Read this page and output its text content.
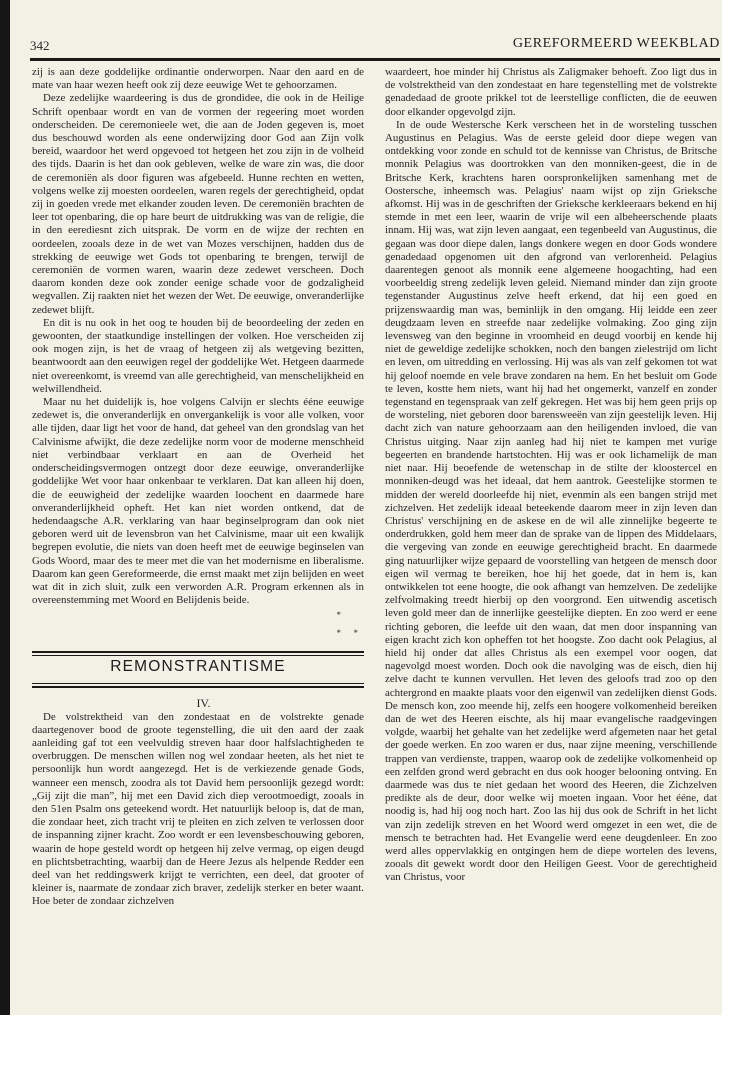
342	GEREFORMEERD WEEKBLAD

zij is aan deze goddelijke ordinantie onderworpen. Naar den aard en de mate van haar wezen heeft ook zij deze eeuwige Wet te gehoorzamen.

Deze zedelijke waardeering is dus de grondidee, die ook in de Heilige Schrift openbaar wordt en van de vormen der regeering moet worden onderscheiden. De ceremonieele wet, die aan de Joden gegeven is, moet dus beschouwd worden als eene onderwijzing door God aan Zijn volk bereid, waardoor het werd opgevoed tot hetgeen het zou zijn in de volheid des tijds. Daarin is het dan ook gebleven, welke de ware zin was, die door de ceremoniën als door figuren was afgebeeld. Hunne rechten en wetten, volgens welke zij moesten oordeelen, waren regels der gerechtigheid, opdat zij in goeden vrede met elkander zouden leven. De ceremoniën brachten de leer tot openbaring, die op hare beurt de uitdrukking was van de religie, die in den eerediesnt zich uitsprak. De vorm en de wijze der rechten en oordeelen, zooals deze in de wet van Mozes verschijnen, hadden dus de strekking de eeuwige wet Gods tot openbaring te brengen, terwijl de ceremoniën de vormen waren, waarin deze zedewet verscheen. Doch daarom konden deze ook zonder eenige schade voor de godzaligheid wegvallen. Zij raakten niet het wezen der Wet. De eeuwige, onveranderlijke zedewet blijft.

En dit is nu ook in het oog te houden bij de beoordeeling der zeden en gewoonten, der staatkundige instellingen der volken. Hoe verscheiden zij ook mogen zijn, is het de vraag of hetgeen zij als wetgeving bezitten, beantwoordt aan den eeuwigen regel der goddelijke Wet. Hetgeen daarmede niet overeenkomt, is vreemd van alle gerechtigheid, van menschelijkheid en welwillendheid.

Maar nu het duidelijk is, hoe volgens Calvijn er slechts ééne eeuwige zedewet is, die onveranderlijk en onvergankelijk is voor alle volken, voor alle tijden, daar ligt het voor de hand, dat geheel van den grondslag van het Calvinisme afwijkt, die deze zedelijke norm voor de moderne menschheid niet verbindbaar verklaart en aan de Overheid het onderscheidingsvermogen ontzegt door deze eeuwige, onveranderlijke goddelijke Wet voor haar onkenbaar te verklaren. Dat kan alleen hij doen, die de eeuwigheid der zedelijke waarden loochent en daarmede hare onveranderlijkheid opheft. Het kan niet worden ontkend, dat de hedendaagsche A.R. verklaring van haar beginselprogram dan ook niet geboren werd uit de levensbron van het Calvinisme, maar uit een kwalijk begrepen evolutie, die niets van doen heeft met de eeuwige beginselen van Gods Woord, maar des te meer met die van het modernisme en liberalisme. Daarom kan geen Gereformeerde, die ernst maakt met zijn belijden en weet wat dit in zich sluit, zulk een verworden A.R. Program erkennen als in overeenstemming met Woord en Belijdenis beide.

*
* *
REMONSTRANTISME

IV.

De volstrektheid van den zondestaat en de volstrekte genade daartegenover bood de groote tegenstelling, die uit den aard der zaak aanleiding gaf tot een veelvuldig streven haar door halfslachtigheden te overbruggen. De menschen willen nog wel zondaar heeten, als het niet te persoonlijk hun wordt aangezegd. Het is de verkiezende genade Gods, wanneer een mensch, zoodra als tot David hem persoonlijk gezegd wordt: „Gij zijt die man”, hij met een David zich diep verootmoedigt, zooals in den 51en Psalm ons geteekend wordt. Het natuurlijk beloop is, dat de man, die zondaar heet, zich tracht vrij te pleiten en zich zelven te verlossen door de inspanning zijner kracht. Zoo wordt er een levensbeschouwing geboren, waarin de hope gesteld wordt op hetgeen hij zelve vermag, op eigen deugd en plichtsbetrachting, waarbij dan de Heere Jezus als helpende Redder een deel van het reddingswerk krijgt te verrichten, een deel, dat grooter of kleiner is, naarmate de zondaar zich braver, zedelijk sterker en beter waant. Hoe beter de zondaar zichzelven

waardeert, hoe minder hij Christus als Zaligmaker behoeft. Zoo ligt dus in de volstrektheid van den zondestaat en hare tegenstelling met de volstrekte genadedaad de groote prikkel tot de leerstellige conflicten, die de eeuwen door elkander opgevolgd zijn.

In de oude Westersche Kerk verscheen het in de worsteling tusschen Augustinus en Pelagius. Was de eerste geleid door diepe wegen van ontdekking voor zonde en schuld tot de kennisse van Christus, de Britsche monnik Pelagius was doortrokken van den monniken-geest, die in de Britsche Kerk, krachtens haren oorspronkelijken samenhang met de Oostersche, inheemsch was. Pelagius' naam wijst op zijn Grieksche afkomst. Hij was in de geschriften der Grieksche kerkleeraars bekend en hij stemde in met een leer, waarin de vrije wil een albeheerschende plaats innam. Hij was, wat zijn leven aangaat, een tegenbeeld van Augustinus, die gegaan was door diepe dalen, langs donkere wegen en door Gods wondere genadedaad opgenomen uit den afgrond van verlorenheid. Pelagius daarentegen genoot als monnik eene algemeene hoogachting, had een voorbeeldig streng zedelijk leven geleid. Niemand minder dan zijn groote tegenstander Augustinus zelve heeft erkend, dat hij een goed en prijzenswaardig man was, beminlijk in den omgang. Hij leidde een zeer deugdzaam leven en streefde naar zedelijke volmaking. Zoo ging zijn levensweg van den beginne in vroomheid en deugd voorbij en kende hij niet de geweldige zedelijke schokken, noch den bangen zielestrijd om licht en leven, om uitredding en verlossing. Hij was als van zelf gekomen tot wat hij geloof noemde en vele brave zondaren na hem. En het besluit om Gode te leven, kostte hem niets, want hij had het ongemerkt, vanzelf en zonder tegenstand en tegenspraak van zelf gekregen. Het was bij hem geen prijs op de worsteling, niet geboren door barensweeën van zijn geestelijk leven. Hij dacht zich van nature gehoorzaam aan den heiligenden invloed, die van Christus uitging. Naar zijn aanleg had hij niet te kampen met vurige begeerten en brandende hartstochten. Hij was er ook lichamelijk de man niet naar. Hij beoefende de wetenschap in de stilte der kloostercel en monniken-deugd was het ideaal, dat hem aantrok. Geestelijke stormen te midden der wereld doorleefde hij niet, evenmin als een bangen strijd met zichzelven. Het zedelijk ideaal beteekende daarom meer in zijn leven dan Christus' verschijning en de askese en de wil alle zinnelijke begeerte te onderdrukken, gold hem meer dan de sprake van de lippen des Middelaars, die vergeving van zonde en eeuwige gerechtigheid bracht. En daarmede ging natuurlijker wijze gepaard de voorstelling van hetgeen de mensch door eigen wil vermag te bereiken, hoe hij het goede, dat in hem is, kan ontwikkelen tot eene hoogte, die ook afhangt van hemzelven. De zedelijke zelfvolmaking treedt hierbij op den voorgrond. Een uitwendig ascetisch leven gold meer dan de innerlijke geestelijke diepten. En zoo werd er eene richting geboren, die leefde uit den waan, dat men door inspanning van eigen kracht zich kon opheffen tot het hoogste. Zoo dacht ook Pelagius, al hield hij onder dat alles Christus als een exempel voor oogen, dat nagevolgd moest worden. Doch ook die navolging was de eisch, dien hij zelve dacht te kunnen vervullen. Het leven des geloofs trad zoo op den achtergrond en maakte plaats voor den eigenwil van zedelijken dienst Gods. De mensch kon, zoo meende hij, zelfs een hoogere volkomenheid bereiken dan de wet des Heeren eischte, als hij maar evangelische raadgevingen volgde, waarbij het gehalte van het zedelijke werd afgemeten naar het getal der goede werken. En zoo waren er dus, naar zijne meening, verschillende trappen van verdienste, trappen, waarop ook de zedelijke volkomenheid op een zelfden grond werd gebracht en dus ook hooger belooning ontving. En daarmede was dus te niet gedaan het woord des Heeren, die Zichzelven predikte als de deur, door welke wij moeten ingaan. Voor het ééne, dat noodig is, had hij oog noch hart. Zoo las hij dus ook de Schrift in het licht van zijn zedelijk streven en het Woord werd omgezet in een wet, die de mensch te betrachten had. Het Evangelie werd eene deugdenleer. En zoo werd alles oppervlakkig en ontgingen hem de diepe wortelen des levens, zooals dit gewekt wordt door den Heiligen Geest. Voor de gerechtigheid van Christus, voor
